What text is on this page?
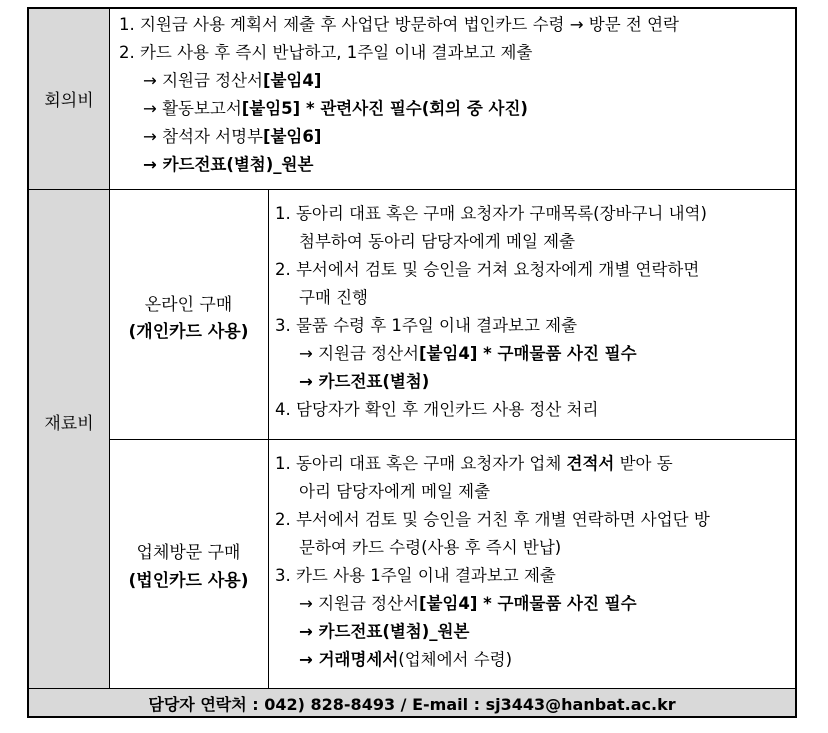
회의비
재료비
온라인 구매
(개인카드 사용)
업체방문 구매
(법인카드 사용)
1. 지원금 사용 계획서 제출 후 사업단 방문하여 법인카드 수령 → 방문 전 연락
2. 카드 사용 후 즉시 반납하고, 1주일 이내 결과보고 제출
→ 지원금 정산서[붙임4]
→ 활동보고서[붙임5] * 관련사진 필수(회의 중 사진)
→ 참석자 서명부[붙임6]
→ 카드전표(별첨)_원본
1. 동아리 대표 혹은 구매 요청자가 구매목록(장바구니 내역)
첨부하여 동아리 담당자에게 메일 제출
2. 부서에서 검토 및 승인을 거쳐 요청자에게 개별 연락하면
구매 진행
3. 물품 수령 후 1주일 이내 결과보고 제출
→ 지원금 정산서[붙임4] * 구매물품 사진 필수
→ 카드전표(별첨)
4. 담당자가 확인 후 개인카드 사용 정산 처리
1. 동아리 대표 혹은 구매 요청자가 업체 견적서 받아 동
아리 담당자에게 메일 제출
2. 부서에서 검토 및 승인을 거친 후 개별 연락하면 사업단 방
문하여 카드 수령(사용 후 즉시 반납)
3. 카드 사용 1주일 이내 결과보고 제출
→ 지원금 정산서[붙임4] * 구매물품 사진 필수
→ 카드전표(별첨)_원본
→ 거래명세서(업체에서 수령)
담당자 연락처 : 042) 828-8493 / E-mail : sj3443@hanbat.ac.kr
